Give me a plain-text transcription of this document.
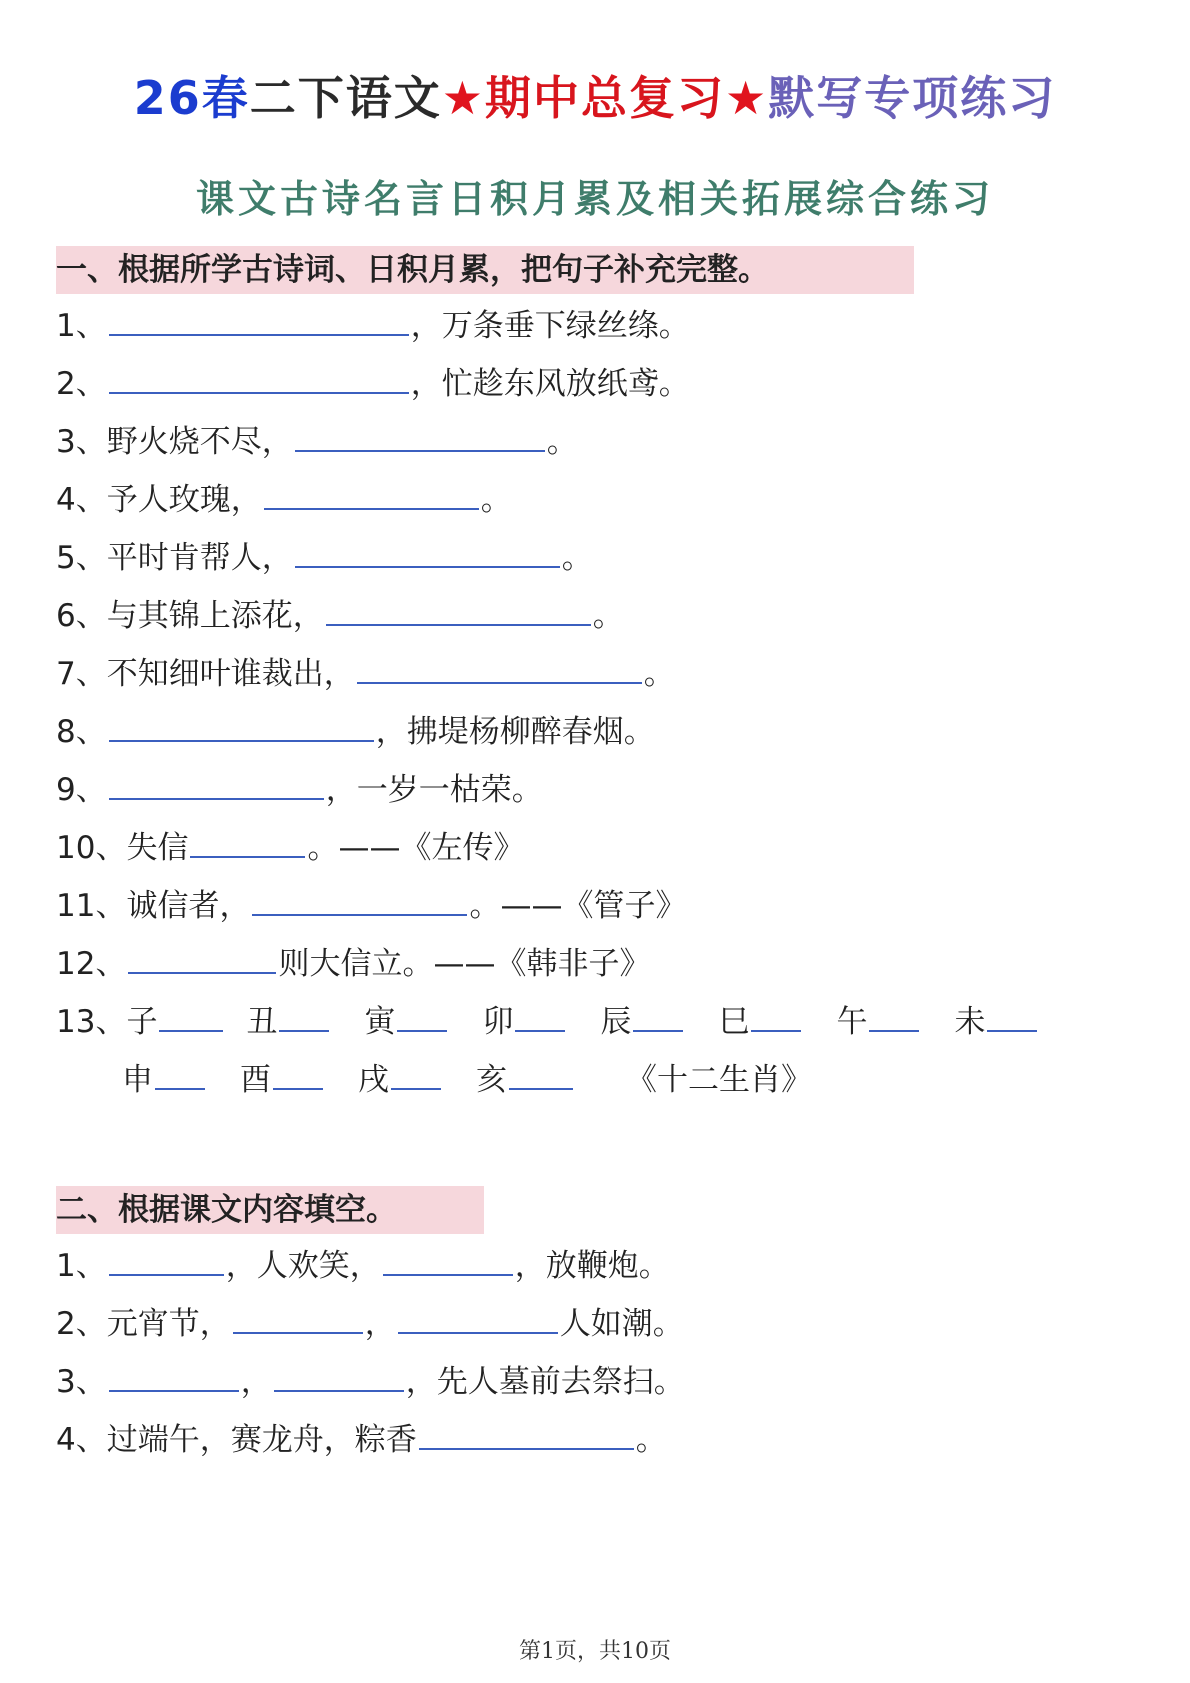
26春二下语文★期中总复习★默写专项练习
课文古诗名言日积月累及相关拓展综合练习
一、根据所学古诗词、日积月累，把句子补充完整。
1、	，万条垂下绿丝绦。
2、	，忙趁东风放纸鸢。
3、野火烧不尽，	。
4、予人玫瑰，	。
5、平时肯帮人，	。
6、与其锦上添花，	。
7、不知细叶谁裁出，	。
8、	，拂堤杨柳醉春烟。
9、	，一岁一枯荣。
10、失信	。——《左传》
11、诚信者，	。——《管子》
12、	则大信立。——《韩非子》
13、子	丑	寅	卯	辰	巳	午	未
申	酉	戌	亥	《十二生肖》
二、根据课文内容填空。
1、	，人欢笑，	，放鞭炮。
2、元宵节，	，	人如潮。
3、	，	，先人墓前去祭扫。
4、过端午，赛龙舟，粽香	。
第1页，共10页
